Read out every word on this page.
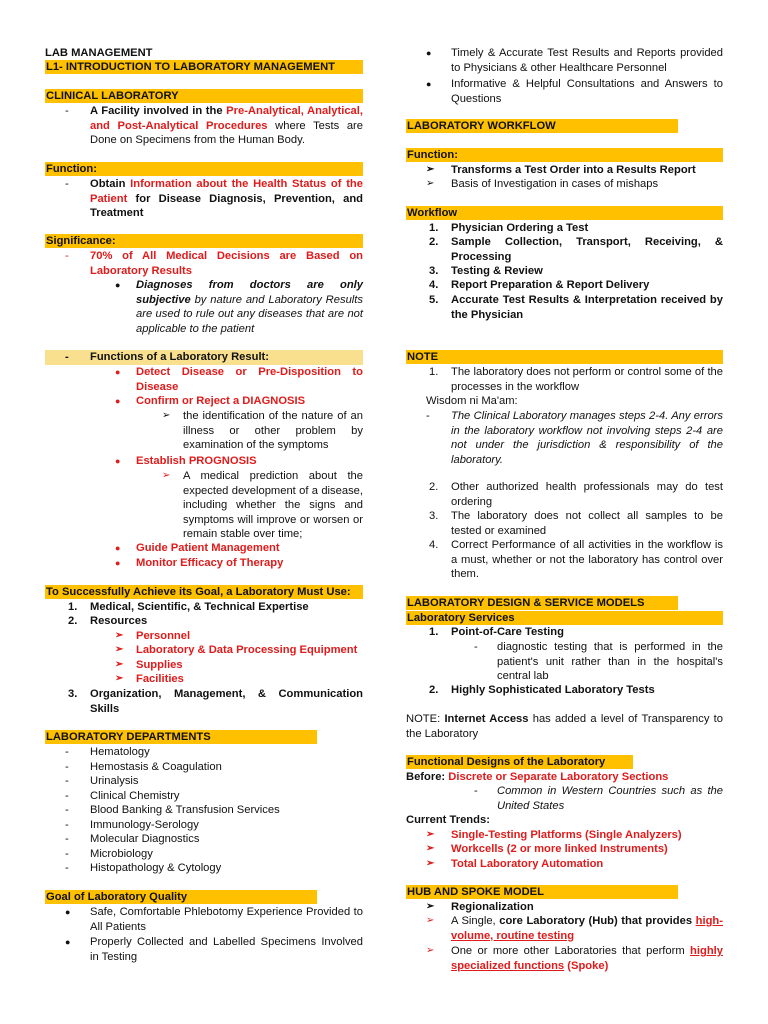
LAB MANAGEMENT
L1- INTRODUCTION TO LABORATORY MANAGEMENT
CLINICAL LABORATORY
- A Facility involved in the Pre-Analytical, Analytical, and Post-Analytical Procedures where Tests are Done on Specimens from the Human Body.
Function:
- Obtain Information about the Health Status of the Patient for Disease Diagnosis, Prevention, and Treatment
Significance:
- 70% of All Medical Decisions are Based on Laboratory Results
● Diagnoses from doctors are only subjective by nature and Laboratory Results are used to rule out any diseases that are not applicable to the patient
- Functions of a Laboratory Result:
● Detect Disease or Pre-Disposition to Disease
● Confirm or Reject a DIAGNOSIS
➢ the identification of the nature of an illness or other problem by examination of the symptoms
● Establish PROGNOSIS
➢ A medical prediction about the expected development of a disease, including whether the signs and symptoms will improve or worsen or remain stable over time;
● Guide Patient Management
● Monitor Efficacy of Therapy
To Successfully Achieve its Goal, a Laboratory Must Use:
1. Medical, Scientific, & Technical Expertise
2. Resources
➢ Personnel
➢ Laboratory & Data Processing Equipment
➢ Supplies
➢ Facilities
3. Organization, Management, & Communication Skills
LABORATORY DEPARTMENTS
- Hematology
- Hemostasis & Coagulation
- Urinalysis
- Clinical Chemistry
- Blood Banking & Transfusion Services
- Immunology-Serology
- Molecular Diagnostics
- Microbiology
- Histopathology & Cytology
Goal of Laboratory Quality
● Safe, Comfortable Phlebotomy Experience Provided to All Patients
● Properly Collected and Labelled Specimens Involved in Testing
● Timely & Accurate Test Results and Reports provided to Physicians & other Healthcare Personnel
● Informative & Helpful Consultations and Answers to Questions
LABORATORY WORKFLOW
Function:
➢ Transforms a Test Order into a Results Report
➢ Basis of Investigation in cases of mishaps
Workflow
1. Physician Ordering a Test
2. Sample Collection, Transport, Receiving, & Processing
3. Testing & Review
4. Report Preparation & Report Delivery
5. Accurate Test Results & Interpretation received by the Physician
NOTE
1. The laboratory does not perform or control some of the processes in the workflow
Wisdom ni Ma'am:
- The Clinical Laboratory manages steps 2-4. Any errors in the laboratory workflow not involving steps 2-4 are not under the jurisdiction & responsibility of the laboratory.
2. Other authorized health professionals may do test ordering
3. The laboratory does not collect all samples to be tested or examined
4. Correct Performance of all activities in the workflow is a must, whether or not the laboratory has control over them.
LABORATORY DESIGN & SERVICE MODELS
Laboratory Services
1. Point-of-Care Testing
- diagnostic testing that is performed in the patient's unit rather than in the hospital's central lab
2. Highly Sophisticated Laboratory Tests
NOTE: Internet Access has added a level of Transparency to the Laboratory
Functional Designs of the Laboratory
Before: Discrete or Separate Laboratory Sections
- Common in Western Countries such as the United States
Current Trends:
➢ Single-Testing Platforms (Single Analyzers)
➢ Workcells (2 or more linked Instruments)
➢ Total Laboratory Automation
HUB AND SPOKE MODEL
➢ Regionalization
➢ A Single, core Laboratory (Hub) that provides high-volume, routine testing
➢ One or more other Laboratories that perform highly specialized functions (Spoke)
